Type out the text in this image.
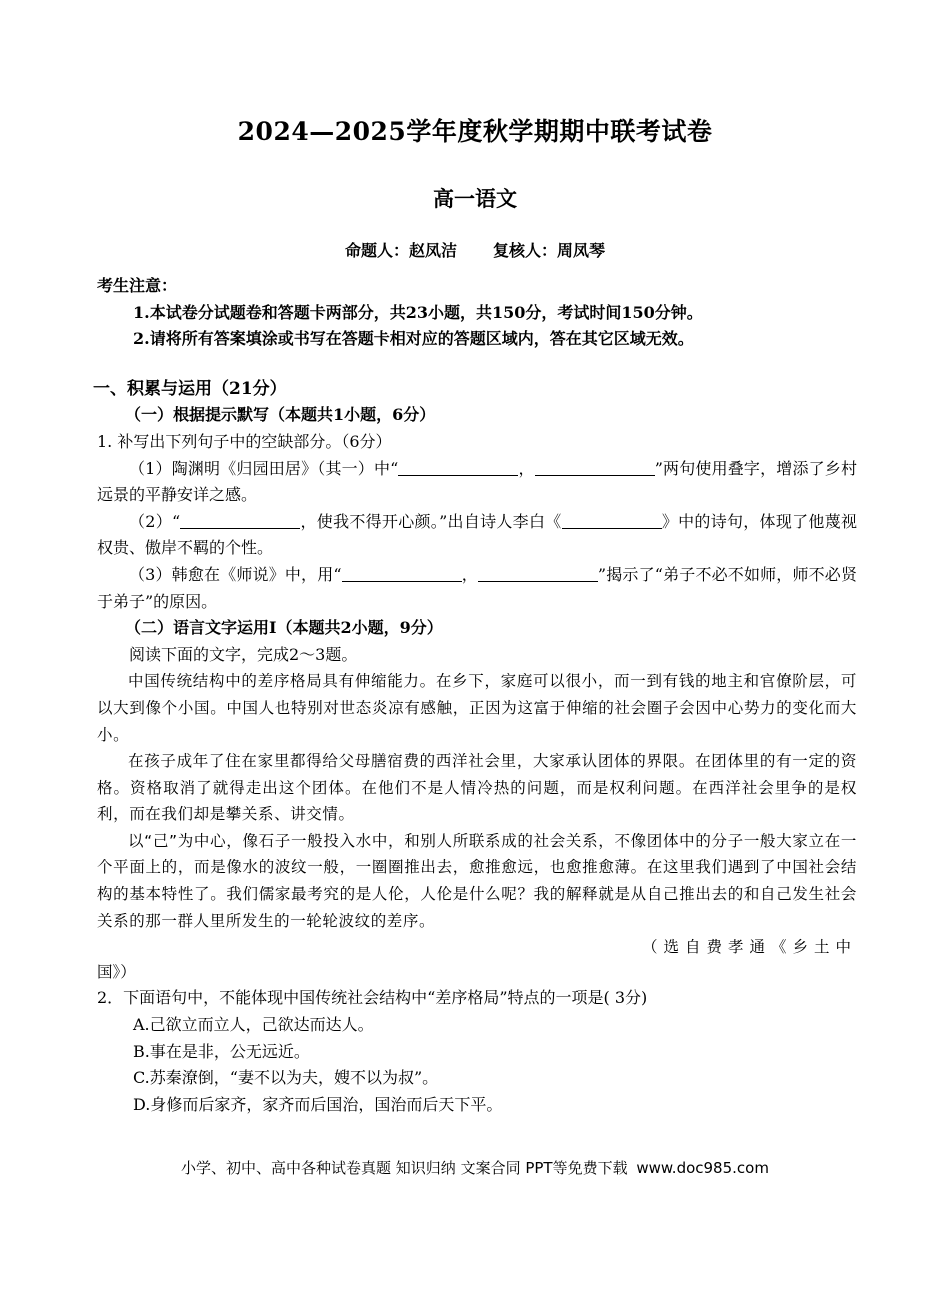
2024—2025学年度秋学期期中联考试卷
高一语文
命题人：赵凤洁 复核人：周凤琴
考生注意：
1.本试卷分试题卷和答题卡两部分，共23小题，共150分，考试时间150分钟。
2.请将所有答案填涂或书写在答题卡相对应的答题区域内，答在其它区域无效。
一、积累与运用（21分）
（一）根据提示默写（本题共1小题，6分）
1. 补写出下列句子中的空缺部分。（6分）
（1）陶渊明《归园田居》（其一）中“	，	”两句使用叠字，增添了乡村远景的平静安详之感。
（2）“	，使我不得开心颜。”出自诗人李白《	》中的诗句，体现了他蔑视权贵、傲岸不羁的个性。
（3）韩愈在《师说》中，用“	，	”揭示了“弟子不必不如师，师不必贤于弟子”的原因。
（二）语言文字运用Ⅰ（本题共2小题，9分）
阅读下面的文字，完成2～3题。
中国传统结构中的差序格局具有伸缩能力。在乡下，家庭可以很小，而一到有钱的地主和官僚阶层，可以大到像个小国。中国人也特别对世态炎凉有感触，正因为这富于伸缩的社会圈子会因中心势力的变化而大小。
在孩子成年了住在家里都得给父母膳宿费的西洋社会里，大家承认团体的界限。在团体里的有一定的资格。资格取消了就得走出这个团体。在他们不是人情冷热的问题，而是权利问题。在西洋社会里争的是权利，而在我们却是攀关系、讲交情。
以“己”为中心，像石子一般投入水中，和别人所联系成的社会关系，不像团体中的分子一般大家立在一个平面上的，而是像水的波纹一般，一圈圈推出去，愈推愈远，也愈推愈薄。在这里我们遇到了中国社会结构的基本特性了。我们儒家最考究的是人伦，人伦是什么呢？我的解释就是从自己推出去的和自己发生社会关系的那一群人里所发生的一轮轮波纹的差序。
（选自费孝通《乡土中
国》）
2．下面语句中，不能体现中国传统社会结构中“差序格局”特点的一项是( 3分)
A.己欲立而立人，己欲达而达人。
B.事在是非，公无远近。
C.苏秦潦倒，“妻不以为夫，嫂不以为叔”。
D.身修而后家齐，家齐而后国治，国治而后天下平。
小学、初中、高中各种试卷真题 知识归纳 文案合同 PPT等免费下载 www.doc985.com
